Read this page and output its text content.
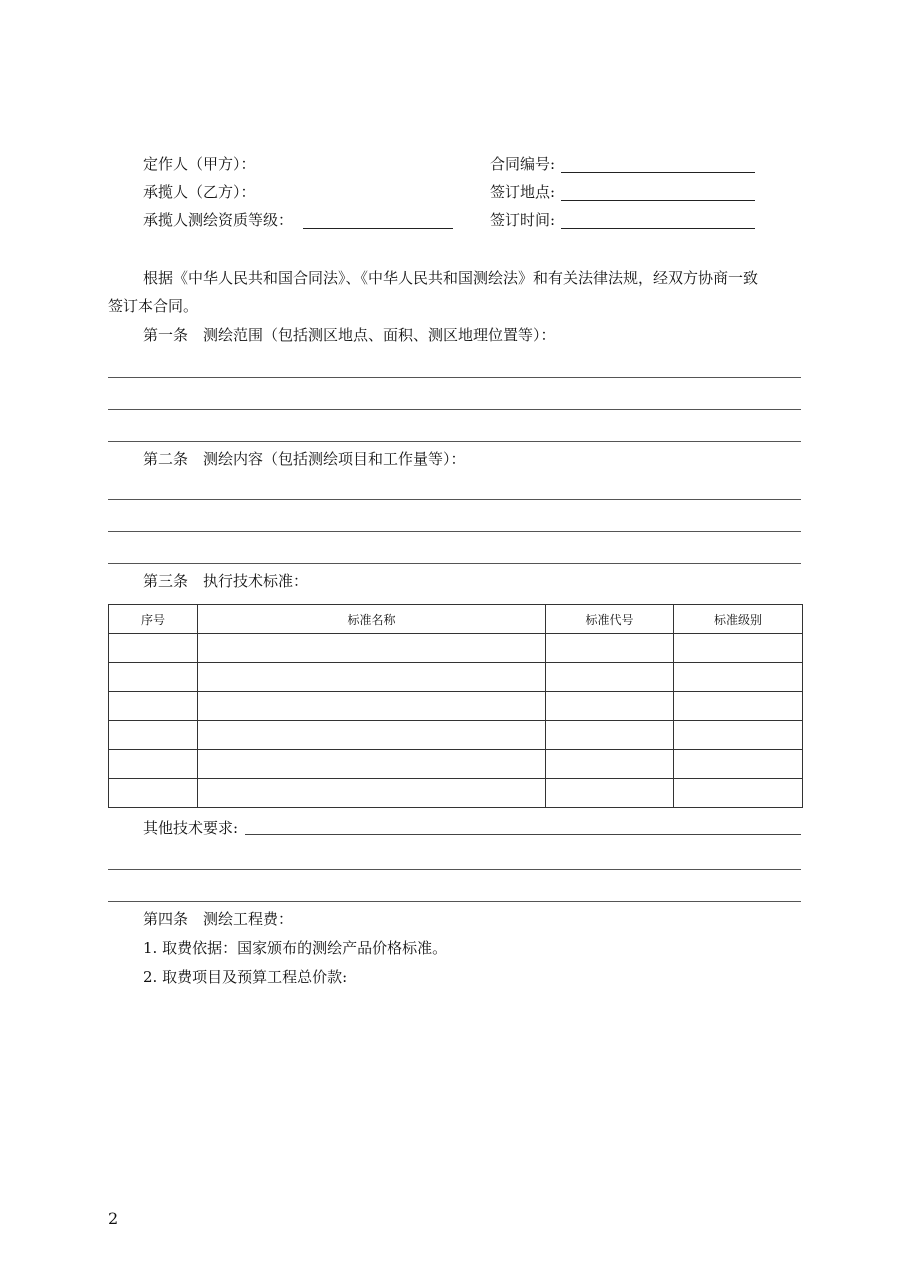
定作人（甲方）：
承揽人（乙方）：
承揽人测绘资质等级：
合同编号:
签订地点:
签订时间:
根据《中华人民共和国合同法》、《中华人民共和国测绘法》和有关法律法规，经双方协商一致
签订本合同。
第一条　测绘范围（包括测区地点、面积、测区地理位置等）：
第二条　测绘内容（包括测绘项目和工作量等）：
第三条　执行技术标准：
序号	标准名称	标准代号	标准级别

其他技术要求:
第四条　测绘工程费：
1. 取费依据：国家颁布的测绘产品价格标准。
2. 取费项目及预算工程总价款:
2
